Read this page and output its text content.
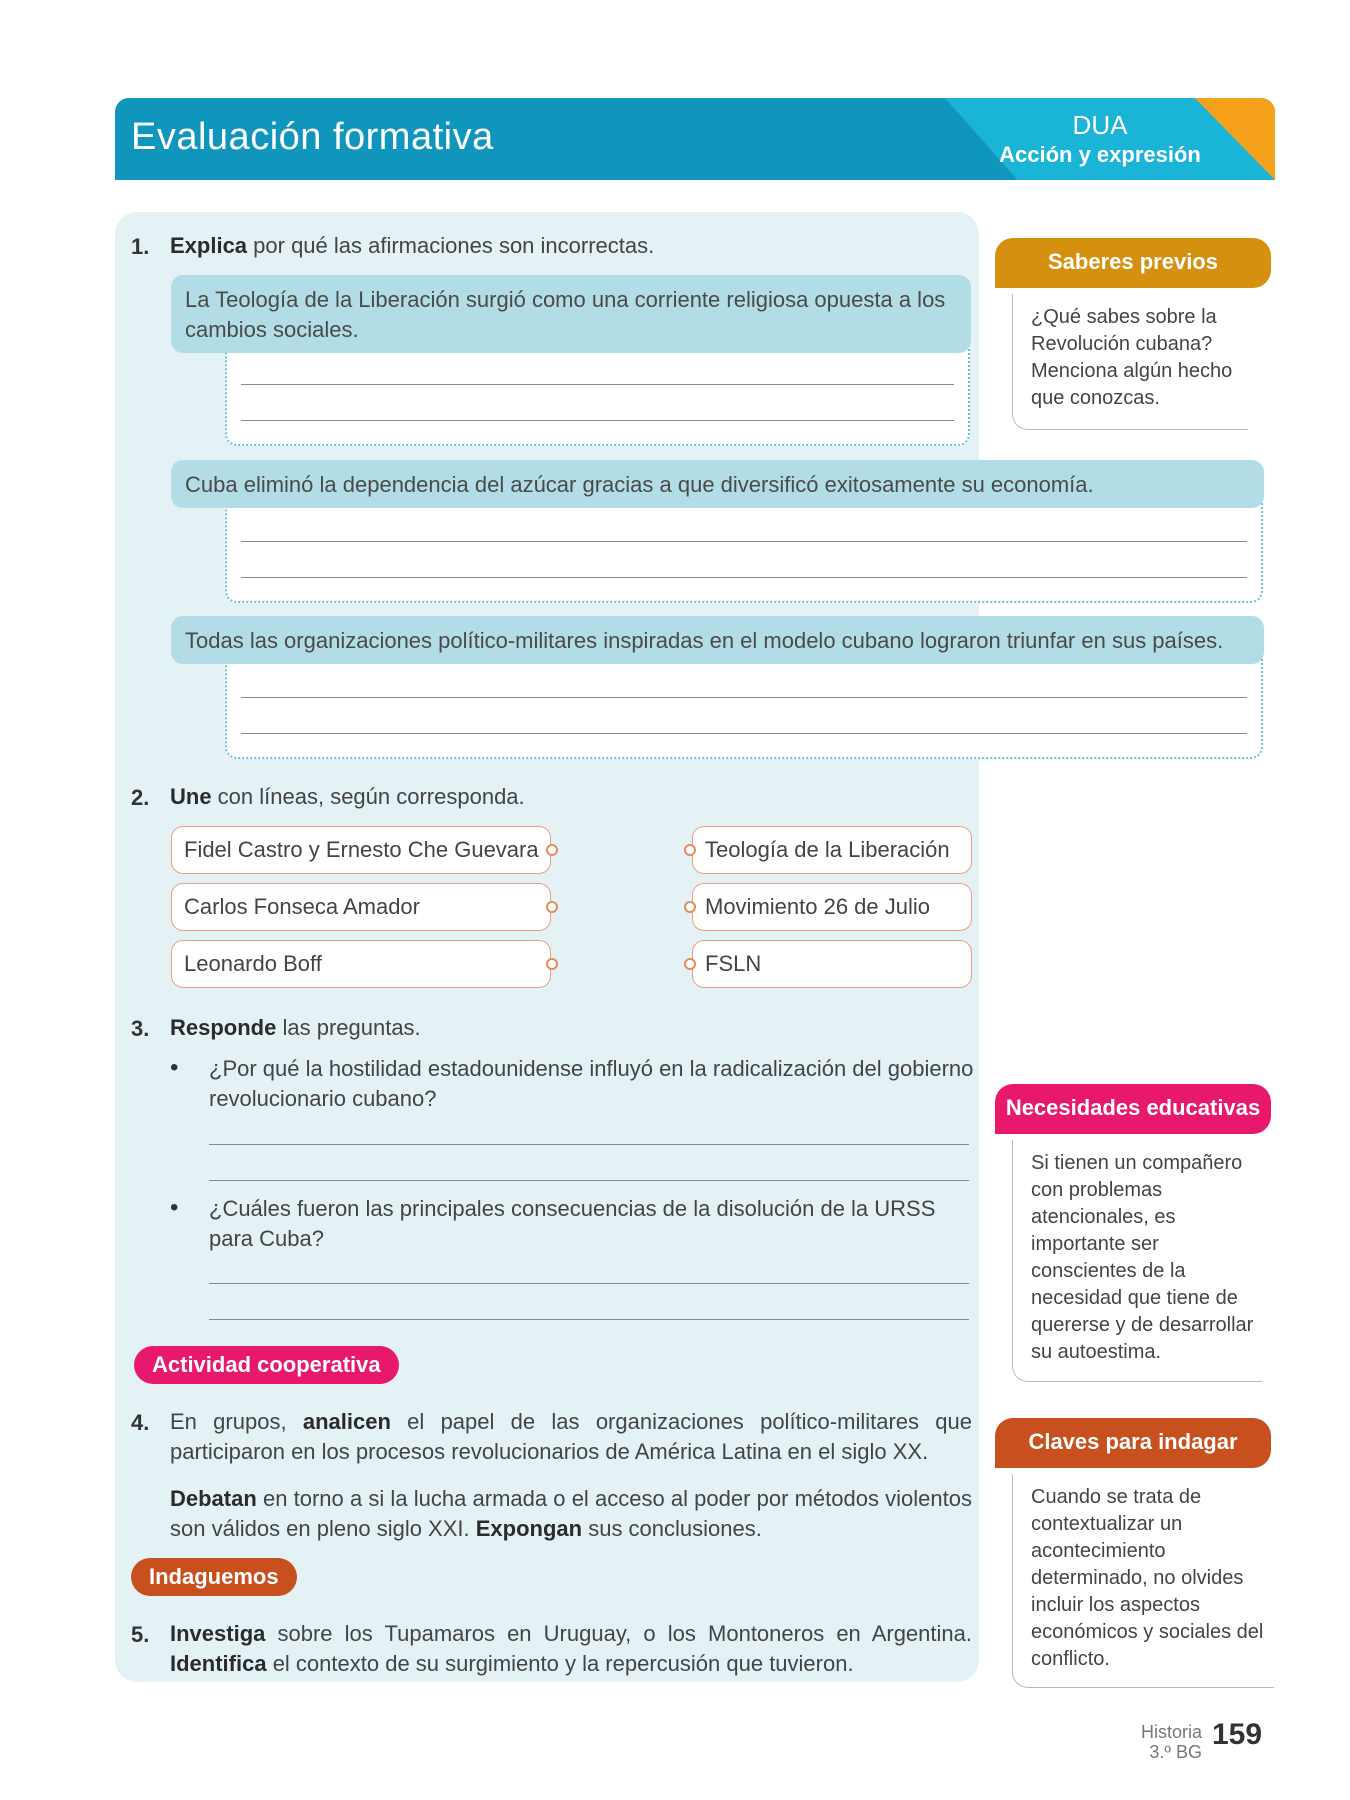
Evaluación formativa	DUA
Acción y expresión
1. Explica por qué las afirmaciones son incorrectas.
La Teología de la Liberación surgió como una corriente religiosa opuesta a los cambios sociales.
Cuba eliminó la dependencia del azúcar gracias a que diversificó exitosamente su economía.
Todas las organizaciones político-militares inspiradas en el modelo cubano lograron triunfar en sus países.
2. Une con líneas, según corresponda.
Fidel Castro y Ernesto Che Guevara
Carlos Fonseca Amador
Leonardo Boff
Teología de la Liberación
Movimiento 26 de Julio
FSLN
3. Responde las preguntas.
• ¿Por qué la hostilidad estadounidense influyó en la radicalización del gobierno revolucionario cubano?
• ¿Cuáles fueron las principales consecuencias de la disolución de la URSS para Cuba?
Actividad cooperativa
4. En grupos, analicen el papel de las organizaciones político-militares que participaron en los procesos revolucionarios de América Latina en el siglo XX.
Debatan en torno a si la lucha armada o el acceso al poder por métodos violentos son válidos en pleno siglo XXI. Expongan sus conclusiones.
Indaguemos
5. Investiga sobre los Tupamaros en Uruguay, o los Montoneros en Argentina. Identifica el contexto de su surgimiento y la repercusión que tuvieron.
Saberes previos
¿Qué sabes sobre la Revolución cubana? Menciona algún hecho que conozcas.
Necesidades educativas
Si tienen un compañero con problemas atencionales, es importante ser conscientes de la necesidad que tiene de quererse y de desarrollar su autoestima.
Claves para indagar
Cuando se trata de contextualizar un acontecimiento determinado, no olvides incluir los aspectos económicos y sociales del conflicto.
Historia
3.º BG
159
